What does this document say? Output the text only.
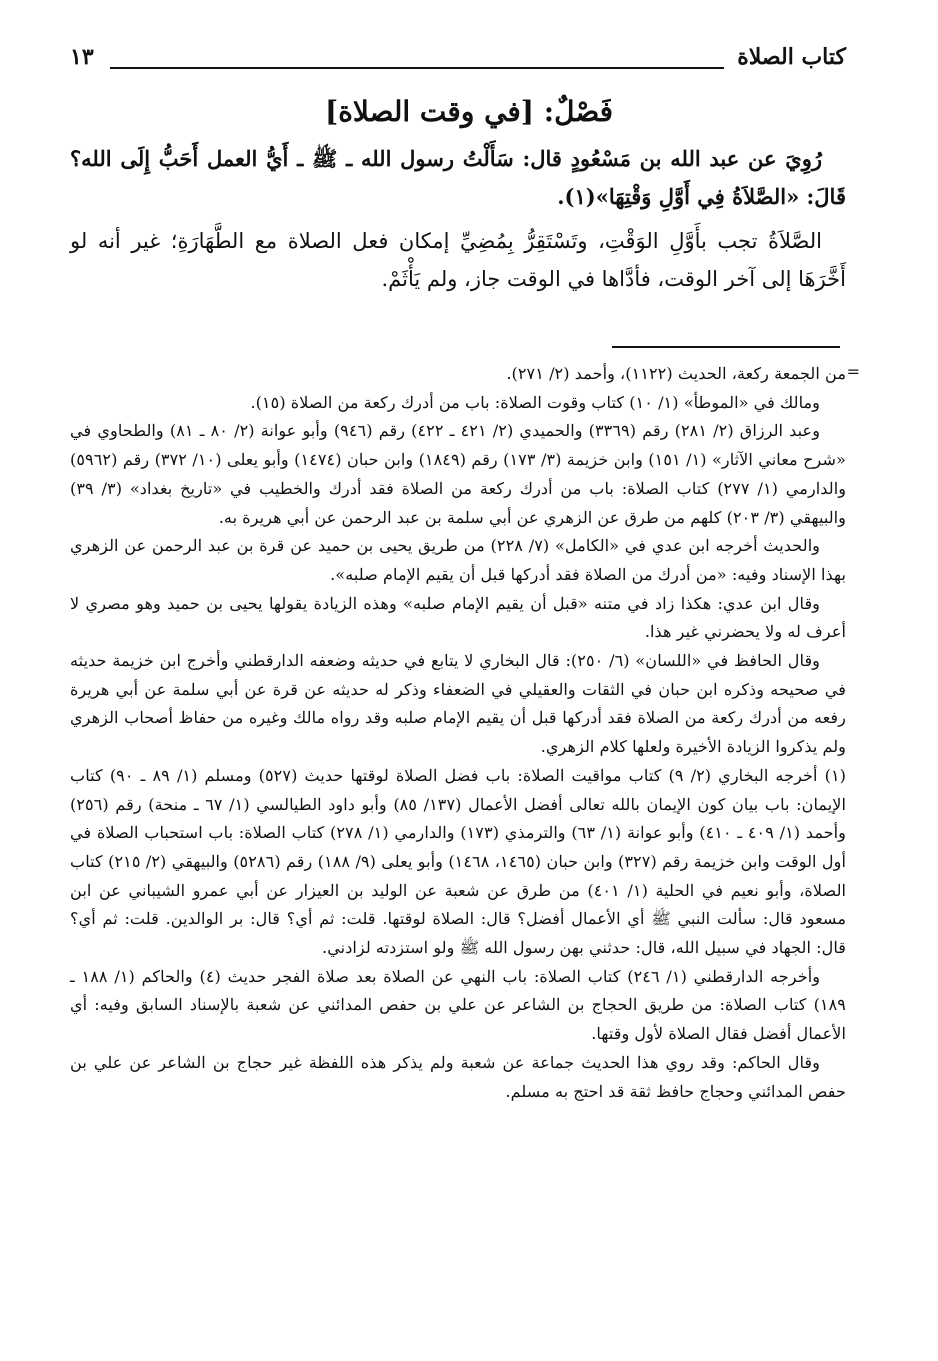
كتاب الصلاة
١٣
فَصْلٌ: [في وقت الصلاة]

رُوِيَ عن عبد الله بن مَسْعُودٍ قال: سَأَلْتُ رسول الله ـ ﷺ ـ أَيُّ العمل أَحَبُّ إِلَى الله؟ قَالَ: «الصَّلاَةُ فِي أَوَّلِ وَقْتِهَا»(١).

الصَّلاَةُ تجب بأَوَّلِ الوَقْتِ، وتَسْتَقِرُّ بِمُضِيِّ إمكان فعل الصلاة مع الطَّهَارَةِ؛ غير أنه لو أَخَّرَهَا إلى آخر الوقت، فأدَّاها في الوقت جاز، ولم يَأْثَمْ.

=

من الجمعة ركعة، الحديث (١١٢٢)، وأحمد (٢/ ٢٧١).

ومالك في «الموطأ» (١/ ١٠) كتاب وقوت الصلاة: باب من أدرك ركعة من الصلاة (١٥).

وعبد الرزاق (٢/ ٢٨١) رقم (٣٣٦٩) والحميدي (٢/ ٤٢١ ـ ٤٢٢) رقم (٩٤٦) وأبو عوانة (٢/ ٨٠ ـ ٨١) والطحاوي في «شرح معاني الآثار» (١/ ١٥١) وابن خزيمة (٣/ ١٧٣) رقم (١٨٤٩) وابن حبان (١٤٧٤) وأبو يعلى (١٠/ ٣٧٢) رقم (٥٩٦٢) والدارمي (١/ ٢٧٧) كتاب الصلاة: باب من أدرك ركعة من الصلاة فقد أدرك والخطيب في «تاريخ بغداد» (٣/ ٣٩) والبيهقي (٣/ ٢٠٣) كلهم من طرق عن الزهري عن أبي سلمة بن عبد الرحمن عن أبي هريرة به.

والحديث أخرجه ابن عدي في «الكامل» (٧/ ٢٢٨) من طريق يحيى بن حميد عن قرة بن عبد الرحمن عن الزهري بهذا الإسناد وفيه: «من أدرك من الصلاة فقد أدركها قبل أن يقيم الإمام صلبه».

وقال ابن عدي: هكذا زاد في متنه «قبل أن يقيم الإمام صلبه» وهذه الزيادة يقولها يحيى بن حميد وهو مصري لا أعرف له ولا يحضرني غير هذا.

وقال الحافظ في «اللسان» (٦/ ٢٥٠): قال البخاري لا يتابع في حديثه وضعفه الدارقطني وأخرج ابن خزيمة حديثه في صحيحه وذكره ابن حبان في الثقات والعقيلي في الضعفاء وذكر له حديثه عن قرة عن أبي سلمة عن أبي هريرة رفعه من أدرك ركعة من الصلاة فقد أدركها قبل أن يقيم الإمام صلبه وقد رواه مالك وغيره من حفاظ أصحاب الزهري ولم يذكروا الزيادة الأخيرة ولعلها كلام الزهري.

(١) أخرجه البخاري (٢/ ٩) كتاب مواقيت الصلاة: باب فضل الصلاة لوقتها حديث (٥٢٧) ومسلم (١/ ٨٩ ـ ٩٠) كتاب الإيمان: باب بيان كون الإيمان بالله تعالى أفضل الأعمال (١٣٧/ ٨٥) وأبو داود الطيالسي (١/ ٦٧ ـ منحة) رقم (٢٥٦) وأحمد (١/ ٤٠٩ ـ ٤١٠) وأبو عوانة (١/ ٦٣) والترمذي (١٧٣) والدارمي (١/ ٢٧٨) كتاب الصلاة: باب استحباب الصلاة في أول الوقت وابن خزيمة رقم (٣٢٧) وابن حبان (١٤٦٥، ١٤٦٨) وأبو يعلى (٩/ ١٨٨) رقم (٥٢٨٦) والبيهقي (٢/ ٢١٥) كتاب الصلاة، وأبو نعيم في الحلية (١/ ٤٠١) من طرق عن شعبة عن الوليد بن العيزار عن أبي عمرو الشيباني عن ابن مسعود قال: سألت النبي ﷺ أي الأعمال أفضل؟ قال: الصلاة لوقتها. قلت: ثم أي؟ قال: بر الوالدين. قلت: ثم أي؟ قال: الجهاد في سبيل الله، قال: حدثني بهن رسول الله ﷺ ولو استزدته لزادني.

وأخرجه الدارقطني (١/ ٢٤٦) كتاب الصلاة: باب النهي عن الصلاة بعد صلاة الفجر حديث (٤) والحاكم (١/ ١٨٨ ـ ١٨٩) كتاب الصلاة: من طريق الحجاج بن الشاعر عن علي بن حفص المدائني عن شعبة بالإسناد السابق وفيه: أي الأعمال أفضل فقال الصلاة لأول وقتها.

وقال الحاكم: وقد روي هذا الحديث جماعة عن شعبة ولم يذكر هذه اللفظة غير حجاج بن الشاعر عن علي بن حفص المدائني وحجاج حافظ ثقة قد احتج به مسلم.
